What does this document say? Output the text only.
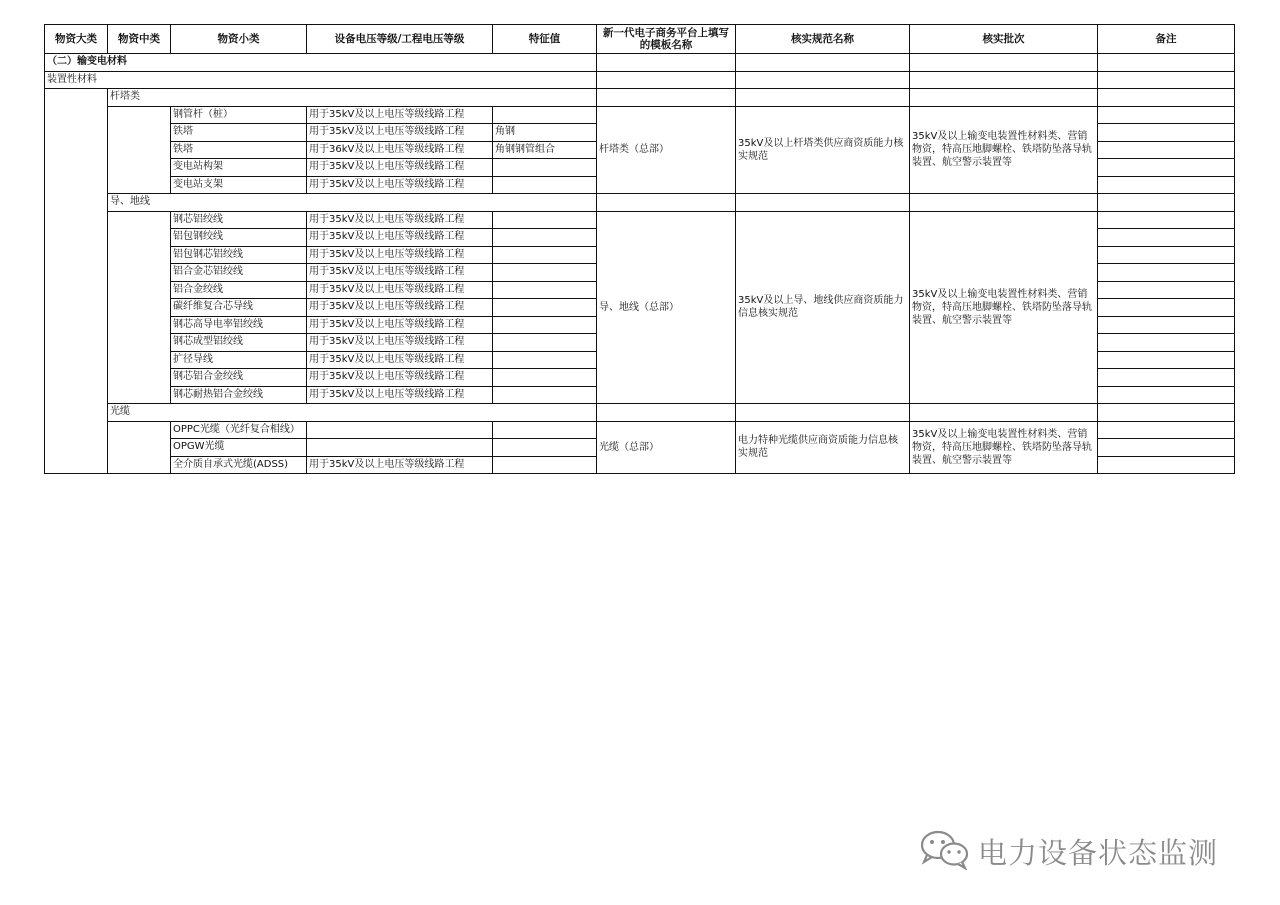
物资大类	物资中类	物资小类	设备电压等级/工程电压等级	特征值	新一代电子商务平台上填写的模板名称	核实规范名称	核实批次	备注
（二）输变电材料								
装置性材料								
	杆塔类							
		钢管杆（桩）	用于35kV及以上电压等级线路工程		杆塔类（总部）	35kV及以上杆塔类供应商资质能力核实规范	35kV及以上输变电装置性材料类、营销物资，特高压地脚螺栓、铁塔防坠落导轨装置、航空警示装置等	
		铁塔	用于35kV及以上电压等级线路工程	角钢				
		铁塔	用于36kV及以上电压等级线路工程	角钢钢管组合				
		变电站构架	用于35kV及以上电压等级线路工程					
		变电站支架	用于35kV及以上电压等级线路工程					
	导、地线							
		钢芯铝绞线	用于35kV及以上电压等级线路工程		导、地线（总部）	35kV及以上导、地线供应商资质能力信息核实规范	35kV及以上输变电装置性材料类、营销物资，特高压地脚螺栓、铁塔防坠落导轨装置、航空警示装置等	
		铝包钢绞线	用于35kV及以上电压等级线路工程					
		铝包钢芯铝绞线	用于35kV及以上电压等级线路工程					
		铝合金芯铝绞线	用于35kV及以上电压等级线路工程					
		铝合金绞线	用于35kV及以上电压等级线路工程					
		碳纤维复合芯导线	用于35kV及以上电压等级线路工程					
		钢芯高导电率铝绞线	用于35kV及以上电压等级线路工程					
		钢芯成型铝绞线	用于35kV及以上电压等级线路工程					
		扩径导线	用于35kV及以上电压等级线路工程					
		钢芯铝合金绞线	用于35kV及以上电压等级线路工程					
		钢芯耐热铝合金绞线	用于35kV及以上电压等级线路工程					
	光缆							
		OPPC光缆（光纤复合相线）			光缆（总部）	电力特种光缆供应商资质能力信息核实规范	35kV及以上输变电装置性材料类、营销物资，特高压地脚螺栓、铁塔防坠落导轨装置、航空警示装置等	
		OPGW光缆						
		全介质自承式光缆(ADSS)	用于35kV及以上电压等级线路工程					
电力设备状态监测
